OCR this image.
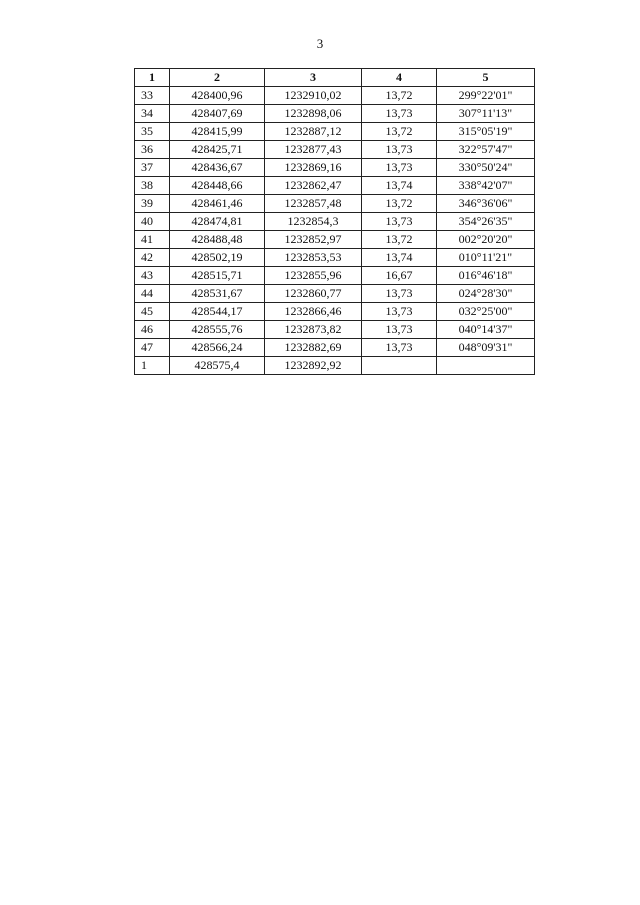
3
1	2	3	4	5
33	428400,96	1232910,02	13,72	299°22'01"
34	428407,69	1232898,06	13,73	307°11'13"
35	428415,99	1232887,12	13,72	315°05'19"
36	428425,71	1232877,43	13,73	322°57'47"
37	428436,67	1232869,16	13,73	330°50'24"
38	428448,66	1232862,47	13,74	338°42'07"
39	428461,46	1232857,48	13,72	346°36'06"
40	428474,81	1232854,3	13,73	354°26'35"
41	428488,48	1232852,97	13,72	002°20'20"
42	428502,19	1232853,53	13,74	010°11'21"
43	428515,71	1232855,96	16,67	016°46'18"
44	428531,67	1232860,77	13,73	024°28'30"
45	428544,17	1232866,46	13,73	032°25'00"
46	428555,76	1232873,82	13,73	040°14'37"
47	428566,24	1232882,69	13,73	048°09'31"
1	428575,4	1232892,92		
